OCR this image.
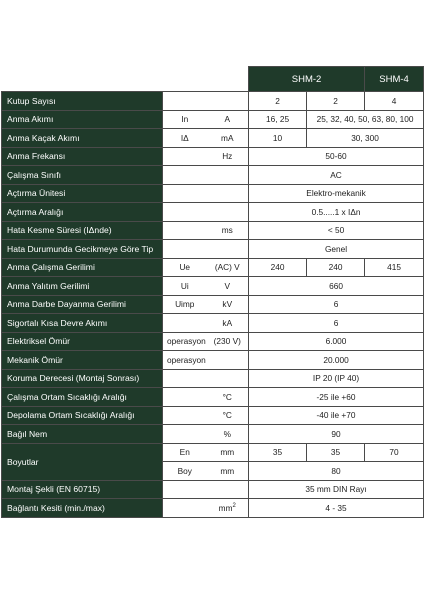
			SHM-2		SHM-4
Kutup Sayısı			2	2	4
Anma Akımı	In	A	16, 25	25, 32, 40, 50, 63, 80, 100	
Anma Kaçak Akımı	IΔ	mA	10	30, 300	
Anma Frekansı		Hz	50-60		
Çalışma Sınıfı			AC		
Açtırma Ünitesi			Elektro-mekanik		
Açtırma Aralığı			0.5.....1 x IΔn		
Hata Kesme Süresi (IΔnde)		ms	< 50		
Hata Durumunda Gecikmeye Göre Tip			Genel		
Anma Çalışma Gerilimi	Ue	(AC) V	240	240	415
Anma Yalıtım Gerilimi	Ui	V	660		
Anma Darbe Dayanma Gerilimi	Uimp	kV	6		
Sigortalı Kısa Devre Akımı		kA	6		
Elektriksel Ömür	operasyon	(230 V)	6.000		
Mekanik Ömür	operasyon		20.000		
Koruma Derecesi (Montaj Sonrası)			IP 20 (IP 40)		
Çalışma Ortam Sıcaklığı Aralığı		°C	-25 ile +60		
Depolama Ortam Sıcaklığı Aralığı		°C	-40 ile +70		
Bağıl Nem		%	90		
Boyutlar	En	mm	35	35	70
	Boy	mm	80		
Montaj Şekli (EN 60715)			35 mm DIN Rayı		
Bağlantı Kesiti (min./max)		$mm^2$	4 - 35		
